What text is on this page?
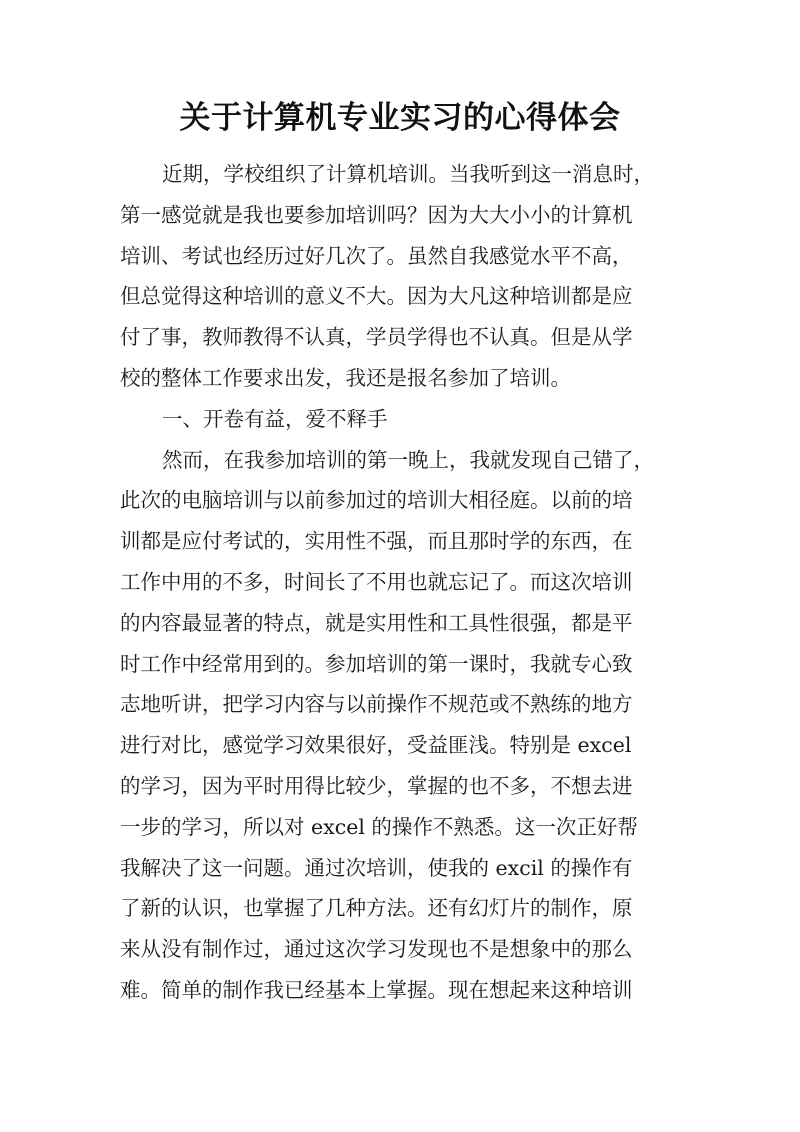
关于计算机专业实习的心得体会
近期，学校组织了计算机培训。当我听到这一消息时，
第一感觉就是我也要参加培训吗？因为大大小小的计算机
培训、考试也经历过好几次了。虽然自我感觉水平不高，
但总觉得这种培训的意义不大。因为大凡这种培训都是应
付了事，教师教得不认真，学员学得也不认真。但是从学
校的整体工作要求出发，我还是报名参加了培训。
一、开卷有益，爱不释手
然而，在我参加培训的第一晚上，我就发现自己错了，
此次的电脑培训与以前参加过的培训大相径庭。以前的培
训都是应付考试的，实用性不强，而且那时学的东西，在
工作中用的不多，时间长了不用也就忘记了。而这次培训
的内容最显著的特点，就是实用性和工具性很强，都是平
时工作中经常用到的。参加培训的第一课时，我就专心致
志地听讲，把学习内容与以前操作不规范或不熟练的地方
进行对比，感觉学习效果很好，受益匪浅。特别是 excel
的学习，因为平时用得比较少，掌握的也不多，不想去进
一步的学习，所以对 excel 的操作不熟悉。这一次正好帮
我解决了这一问题。通过次培训，使我的 excil 的操作有
了新的认识，也掌握了几种方法。还有幻灯片的制作，原
来从没有制作过，通过这次学习发现也不是想象中的那么
难。简单的制作我已经基本上掌握。现在想起来这种培训
